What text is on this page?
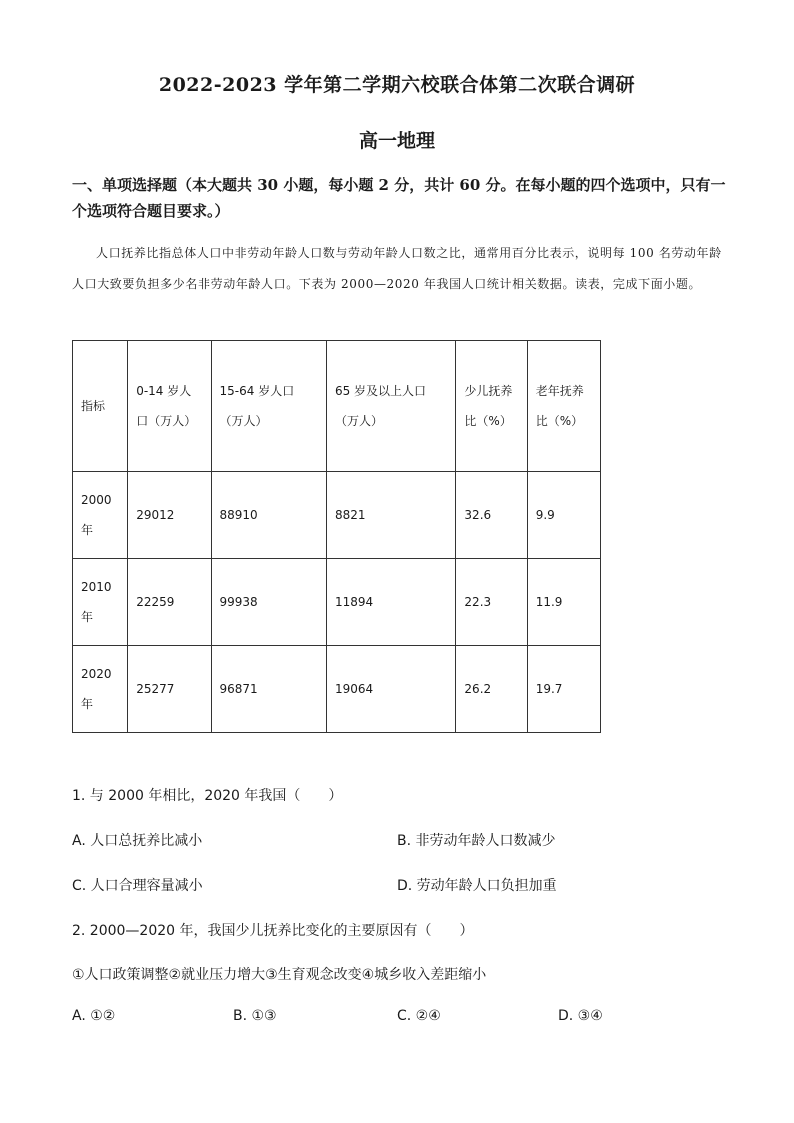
2022-2023 学年第二学期六校联合体第二次联合调研
高一地理
一、单项选择题（本大题共 30 小题，每小题 2 分，共计 60 分。在每小题的四个选项中，只有一个选项符合题目要求。）
人口抚养比指总体人口中非劳动年龄人口数与劳动年龄人口数之比，通常用百分比表示，说明每 100 名劳动年龄人口大致要负担多少名非劳动年龄人口。下表为 2000—2020 年我国人口统计相关数据。读表，完成下面小题。
指标	0-14 岁人口（万人）	15-64 岁人口（万人）	65 岁及以上人口（万人）	少儿抚养比（%）	老年抚养比（%）
2000 年	29012	88910	8821	32.6	9.9
2010 年	22259	99938	11894	22.3	11.9
2020 年	25277	96871	19064	26.2	19.7
1. 与 2000 年相比，2020 年我国（　　）
A. 人口总抚养比减小	B. 非劳动年龄人口数减少
C. 人口合理容量减小	D. 劳动年龄人口负担加重
2. 2000—2020 年，我国少儿抚养比变化的主要原因有（　　）
①人口政策调整②就业压力增大③生育观念改变④城乡收入差距缩小
A. ①②	B. ①③	C. ②④	D. ③④
